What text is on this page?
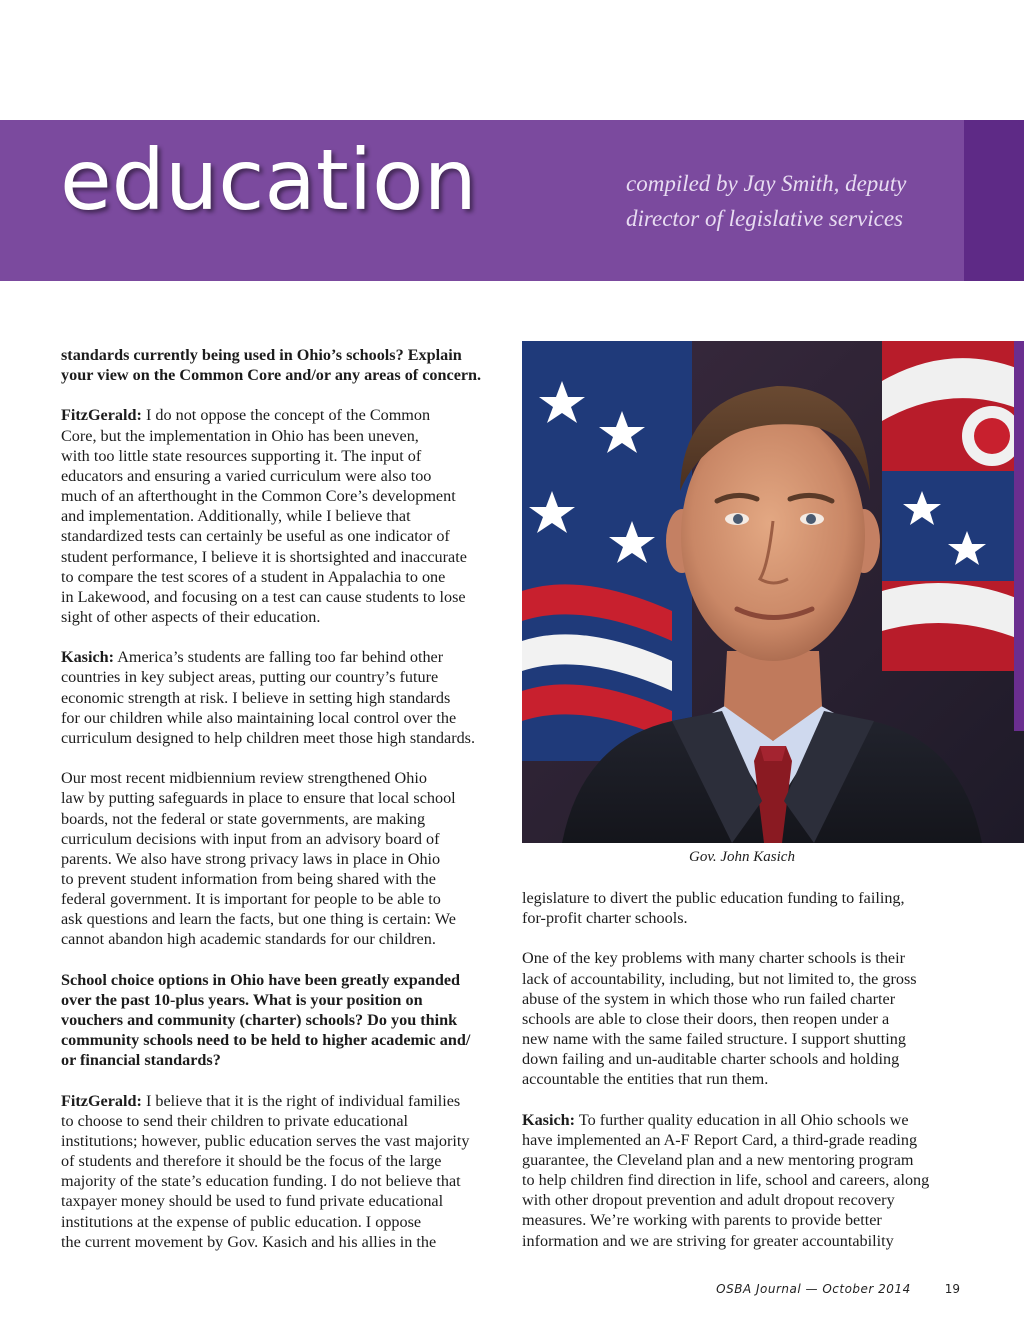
education	compiled by Jay Smith, deputy
director of legislative services

standards currently being used in Ohio’s schools? Explain

your view on the Common Core and/or any areas of concern.

FitzGerald: I do not oppose the concept of the Common

Core, but the implementation in Ohio has been uneven,

with too little state resources supporting it. The input of

educators and ensuring a varied curriculum were also too

much of an afterthought in the Common Core’s development

and implementation. Additionally, while I believe that

standardized tests can certainly be useful as one indicator of

student performance, I believe it is shortsighted and inaccurate

to compare the test scores of a student in Appalachia to one

in Lakewood, and focusing on a test can cause students to lose

sight of other aspects of their education.

Kasich: America’s students are falling too far behind other

countries in key subject areas, putting our country’s future

economic strength at risk. I believe in setting high standards

for our children while also maintaining local control over the

curriculum designed to help children meet those high standards.

Our most recent midbiennium review strengthened Ohio

law by putting safeguards in place to ensure that local school

boards, not the federal or state governments, are making

curriculum decisions with input from an advisory board of

parents. We also have strong privacy laws in place in Ohio

to prevent student information from being shared with the

federal government. It is important for people to be able to

ask questions and learn the facts, but one thing is certain: We

cannot abandon high academic standards for our children.

School choice options in Ohio have been greatly expanded

over the past 10-plus years. What is your position on

vouchers and community (charter) schools? Do you think

community schools need to be held to higher academic and/

or financial standards?

FitzGerald: I believe that it is the right of individual families

to choose to send their children to private educational

institutions; however, public education serves the vast majority

of students and therefore it should be the focus of the large

majority of the state’s education funding. I do not believe that

taxpayer money should be used to fund private educational

institutions at the expense of public education. I oppose

the current movement by Gov. Kasich and his allies in the

Gov. John Kasich

legislature to divert the public education funding to failing,

for-profit charter schools.

One of the key problems with many charter schools is their

lack of accountability, including, but not limited to, the gross

abuse of the system in which those who run failed charter

schools are able to close their doors, then reopen under a

new name with the same failed structure. I support shutting

down failing and un-auditable charter schools and holding

accountable the entities that run them.

Kasich: To further quality education in all Ohio schools we

have implemented an A-F Report Card, a third-grade reading

guarantee, the Cleveland plan and a new mentoring program

to help children find direction in life, school and careers, along

with other dropout prevention and adult dropout recovery

measures. We’re working with parents to provide better

information and we are striving for greater accountability

OSBA Journal — October 2014	19
